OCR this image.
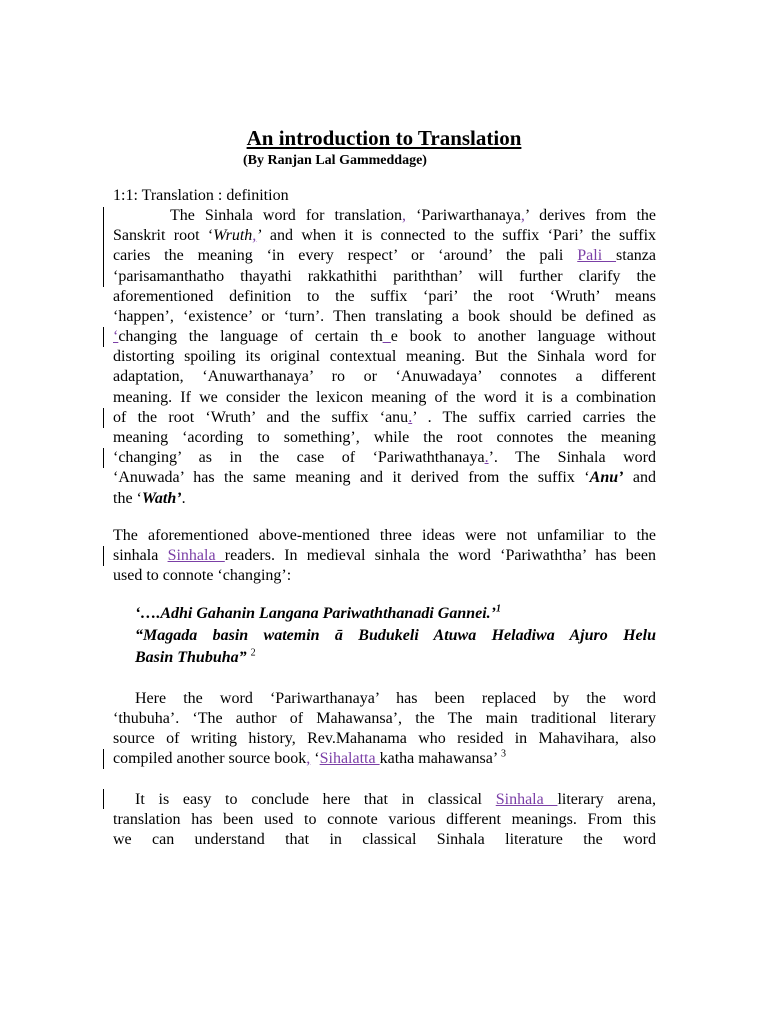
An introduction to Translation
(By Ranjan Lal Gammeddage)
1:1: Translation : definition
The Sinhala word for translation, ‘Pariwarthanaya,’ derives from the
Sanskrit root ‘Wruth,’ and when it is connected to the suffix ‘Pari’ the suffix
caries the meaning ‘in every respect’ or ‘around’ the pali Pali stanza
‘parisamanthatho thayathi rakkathithi pariththan’ will further clarify the
aforementioned definition to the suffix ‘pari’ the root ‘Wruth’ means
‘happen’, ‘existence’ or ‘turn’. Then translating a book should be defined as
‘changing the language of certain th_e book to another language without
distorting spoiling its original contextual meaning. But the Sinhala word for
adaptation, ‘Anuwarthanaya’ ro or ‘Anuwadaya’ connotes a different
meaning. If we consider the lexicon meaning of the word it is a combination
of the root ‘Wruth’ and the suffix ‘anu.’ . The suffix carried carries the
meaning ‘acording to something’, while the root connotes the meaning
‘changing’ as in the case of ‘Pariwaththanaya.’. The Sinhala word
‘Anuwada’ has the same meaning and it derived from the suffix ‘Anu’ and
the ‘Wath’.
The aforementioned above-mentioned three ideas were not unfamiliar to the
sinhala Sinhala readers. In medieval sinhala the word ‘Pariwaththa’ has been
used to connote ‘changing’:
‘….Adhi Gahanin Langana Pariwaththanadi Gannei.’$^1$
“Magada basin watemin ā Budukeli Atuwa Heladiwa Ajuro Helu
Basin Thubuha” $^2$
Here the word ‘Pariwarthanaya’ has been replaced by the word
‘thubuha’. ‘The author of Mahawansa’, the The main traditional literary
source of writing history, Rev.Mahanama who resided in Mahavihara, also
compiled another source book, ‘Sihalatta katha mahawansa’ $^3$
It is easy to conclude here that in classical Sinhala literary arena,
translation has been used to connote various different meanings. From this
we can understand that in classical Sinhala literature the word
